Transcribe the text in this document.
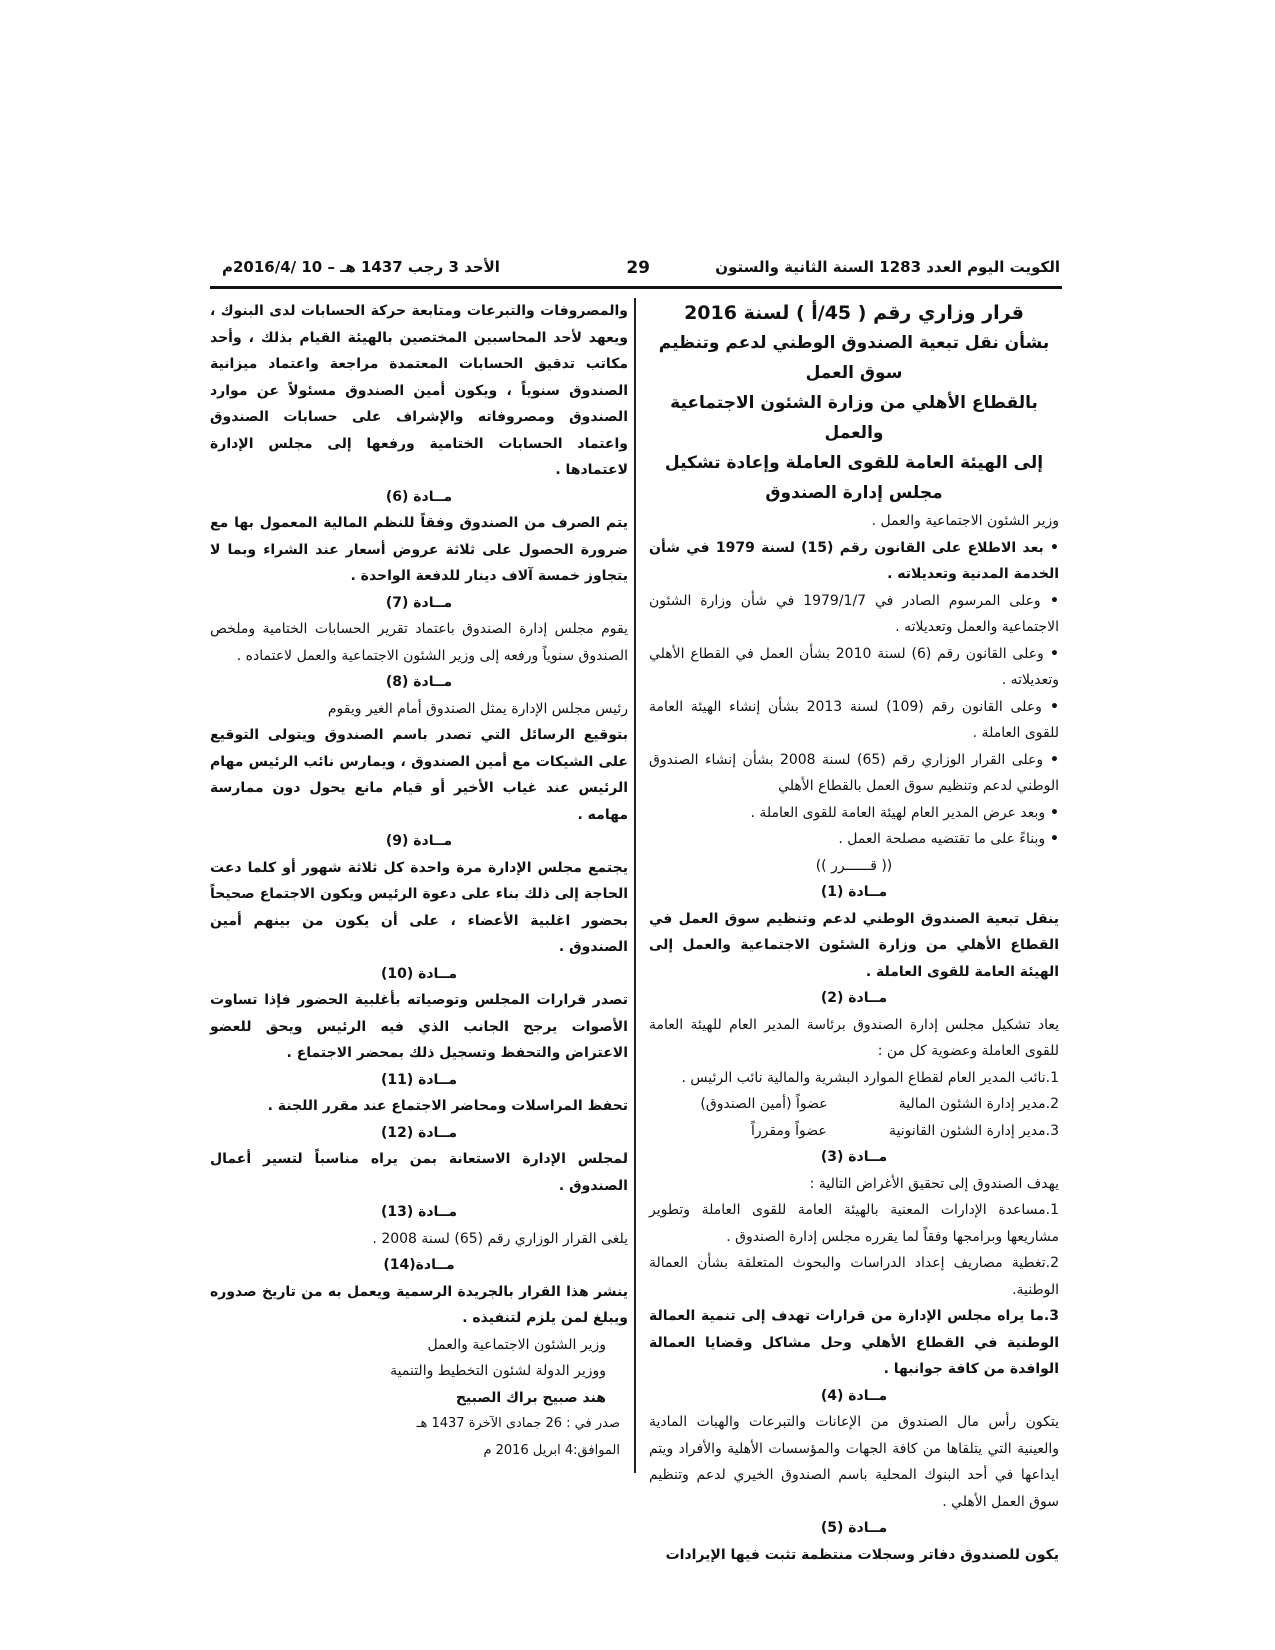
الكويت اليوم العدد 1283 السنة الثانية والستون
29
الأحد 3 رجب 1437 هـ – 10 /2016/4م

قرار وزاري رقم ( 45/أ ) لسنة 2016

بشأن نقل تبعية الصندوق الوطني لدعم وتنظيم سوق العمل

بالقطاع الأهلي من وزارة الشئون الاجتماعية والعمل

إلى الهيئة العامة للقوى العاملة وإعادة تشكيل

مجلس إدارة الصندوق

وزير الشئون الاجتماعية والعمل .

• بعد الاطلاع على القانون رقم (15) لسنة 1979 في شأن الخدمة المدنية وتعديلاته .

• وعلى المرسوم الصادر في 1979/1/7 في شأن وزارة الشئون الاجتماعية والعمل وتعديلاته .

• وعلى القانون رقم (6) لسنة 2010 بشأن العمل في القطاع الأهلي وتعديلاته .

• وعلى القانون رقم (109) لسنة 2013 بشأن إنشاء الهيئة العامة للقوى العاملة .

• وعلى القرار الوزاري رقم (65) لسنة 2008 بشأن إنشاء الصندوق الوطني لدعم وتنظيم سوق العمل بالقطاع الأهلي

• وبعد عرض المدير العام لهيئة العامة للقوى العاملة .

• وبناءً على ما تقتضيه مصلحة العمل .

(( قــــــرر ))

مــادة (1)

ينقل تبعية الصندوق الوطني لدعم وتنظيم سوق العمل في القطاع الأهلي من وزارة الشئون الاجتماعية والعمل إلى الهيئة العامة للقوى العاملة .

مــادة (2)

يعاد تشكيل مجلس إدارة الصندوق برئاسة المدير العام للهيئة العامة للقوى العاملة وعضوية كل من :

1.نائب المدير العام لقطاع الموارد البشرية والمالية نائب الرئيس .

2.مدير إدارة الشئون المالية                عضواً (أمين الصندوق)

3.مدير إدارة الشئون القانونية              عضواً ومقرراً

مــادة (3)

يهدف الصندوق إلى تحقيق الأغراض التالية :

1.مساعدة الإدارات المعنية بالهيئة العامة للقوى العاملة وتطوير مشاريعها وبرامجها وفقاً لما يقرره مجلس إدارة الصندوق .

2.تغطية مصاريف إعداد الدراسات والبحوث المتعلقة بشأن العمالة الوطنية.

3.ما يراه مجلس الإدارة من قرارات تهدف إلى تنمية العمالة الوطنية في القطاع الأهلي وحل مشاكل وقضايا العمالة الوافدة من كافة جوانبها .

مــادة (4)

يتكون رأس مال الصندوق من الإعانات والتبرعات والهبات المادية والعينية التي يتلقاها من كافة الجهات والمؤسسات الأهلية والأفراد ويتم ايداعها في أحد البنوك المحلية باسم الصندوق الخيري لدعم وتنظيم سوق العمل الأهلي .

مــادة (5)

يكون للصندوق دفاتر وسجلات منتظمة تثبت فيها الإيرادات

والمصروفات والتبرعات ومتابعة حركة الحسابات لدى البنوك ، ويعهد لأحد المحاسبين المختصين بالهيئة القيام بذلك ، وأحد مكاتب تدقيق الحسابات المعتمدة مراجعة واعتماد ميزانية الصندوق سنوياً ، ويكون أمين الصندوق مسئولاً عن موارد الصندوق ومصروفاته والإشراف على حسابات الصندوق واعتماد الحسابات الختامية ورفعها إلى مجلس الإدارة لاعتمادها .

مــادة (6)

يتم الصرف من الصندوق وفقاً للنظم المالية المعمول بها مع ضرورة الحصول على ثلاثة عروض أسعار عند الشراء وبما لا يتجاوز خمسة آلاف دينار للدفعة الواحدة .

مــادة (7)

يقوم مجلس إدارة الصندوق باعتماد تقرير الحسابات الختامية وملخص الصندوق سنوياً ورفعه إلى وزير الشئون الاجتماعية والعمل لاعتماده .

مــادة (8)

رئيس مجلس الإدارة يمثل الصندوق أمام الغير ويقوم

بتوقيع الرسائل التي تصدر باسم الصندوق ويتولى التوقيع على الشيكات مع أمين الصندوق ، ويمارس نائب الرئيس مهام الرئيس عند غياب الأخير أو قيام مانع يحول دون ممارسة مهامه .

مــادة (9)

يجتمع مجلس الإدارة مرة واحدة كل ثلاثة شهور أو كلما دعت الحاجة إلى ذلك بناء على دعوة الرئيس ويكون الاجتماع صحيحاً بحضور اغلبية الأعضاء ، على أن يكون من بينهم أمين الصندوق .

مــادة (10)

تصدر قرارات المجلس وتوصياته بأغلبية الحضور فإذا تساوت الأصوات يرجح الجانب الذي فيه الرئيس ويحق للعضو الاعتراض والتحفظ وتسجيل ذلك بمحضر الاجتماع .

مــادة (11)

تحفظ المراسلات ومحاضر الاجتماع عند مقرر اللجنة .

مــادة (12)

لمجلس الإدارة الاستعانة بمن يراه مناسباً لتسير أعمال الصندوق .

مــادة (13)

يلغى القرار الوزاري رقم (65) لسنة 2008 .

مــادة(14)

ينشر هذا القرار بالجريدة الرسمية ويعمل به من تاريخ صدوره ويبلغ لمن يلزم لتنفيذه .

وزير الشئون الاجتماعية والعمل

ووزير الدولة لشئون التخطيط والتنمية

هند صبيح براك الصبيح

صدر في : 26 جمادى الآخرة 1437 هـ

الموافق:4 ابريل 2016 م
